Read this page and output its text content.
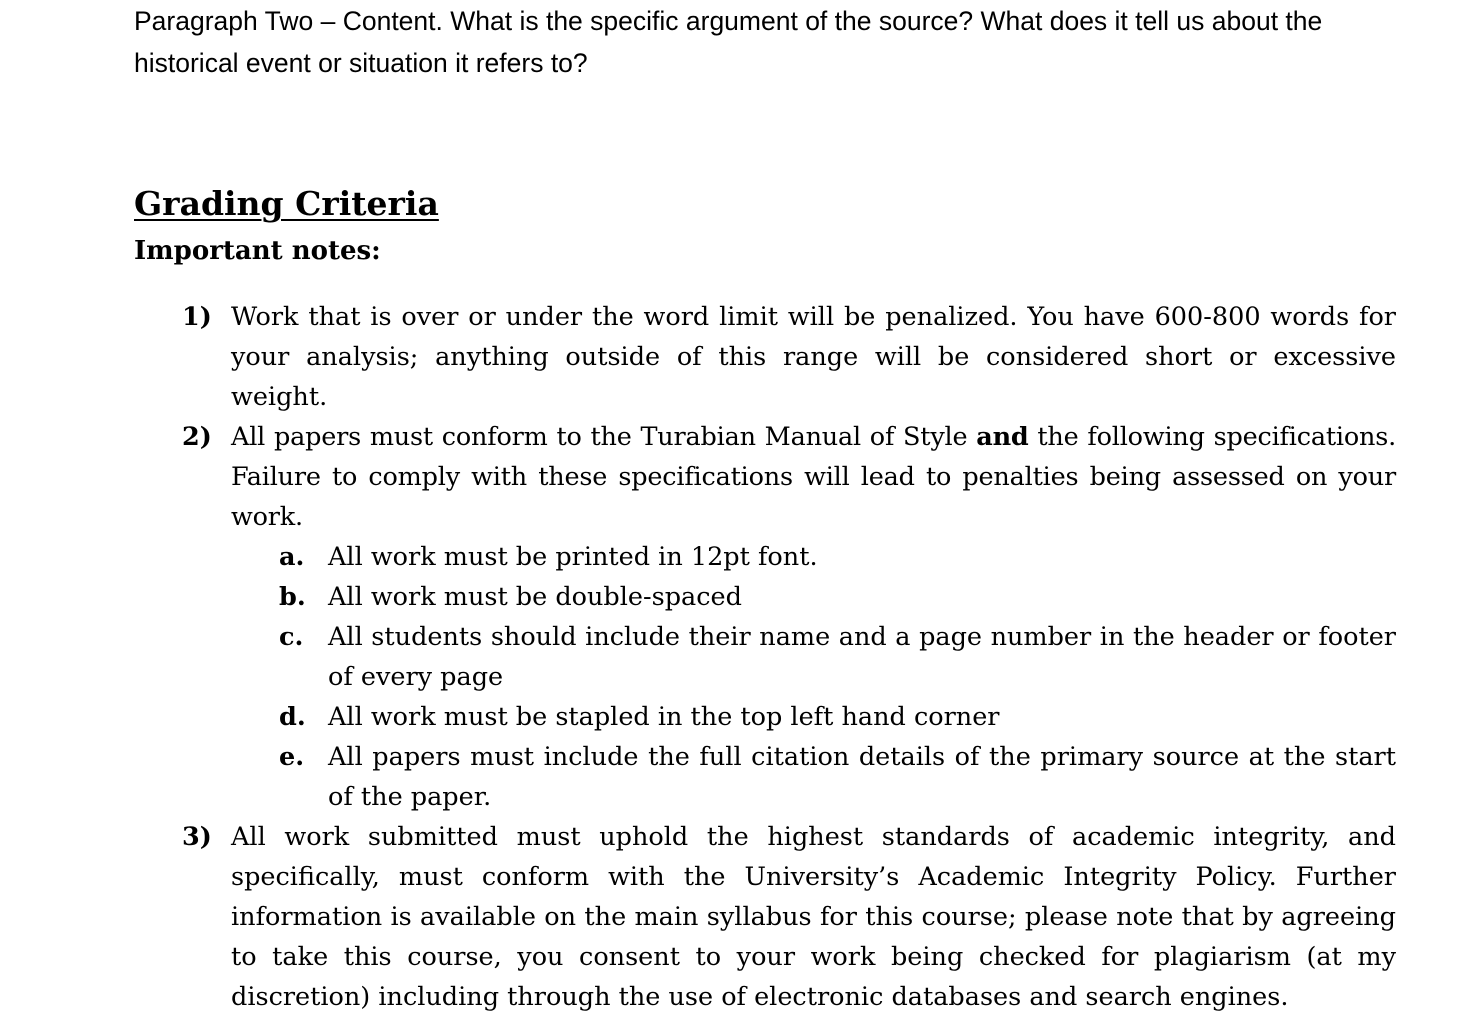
Paragraph Two – Content. What is the specific argument of the source? What does it tell us about the historical event or situation it refers to?

Grading Criteria

Important notes:

1) Work that is over or under the word limit will be penalized. You have 600-800 words for your analysis; anything outside of this range will be considered short or excessive weight.
2) All papers must conform to the Turabian Manual of Style and the following specifications. Failure to comply with these specifications will lead to penalties being assessed on your work.
a. All work must be printed in 12pt font.
b. All work must be double-spaced
c. All students should include their name and a page number in the header or footer of every page
d. All work must be stapled in the top left hand corner
e. All papers must include the full citation details of the primary source at the start of the paper.
3) All work submitted must uphold the highest standards of academic integrity, and specifically, must conform with the University’s Academic Integrity Policy. Further information is available on the main syllabus for this course; please note that by agreeing to take this course, you consent to your work being checked for plagiarism (at my discretion) including through the use of electronic databases and search engines.
